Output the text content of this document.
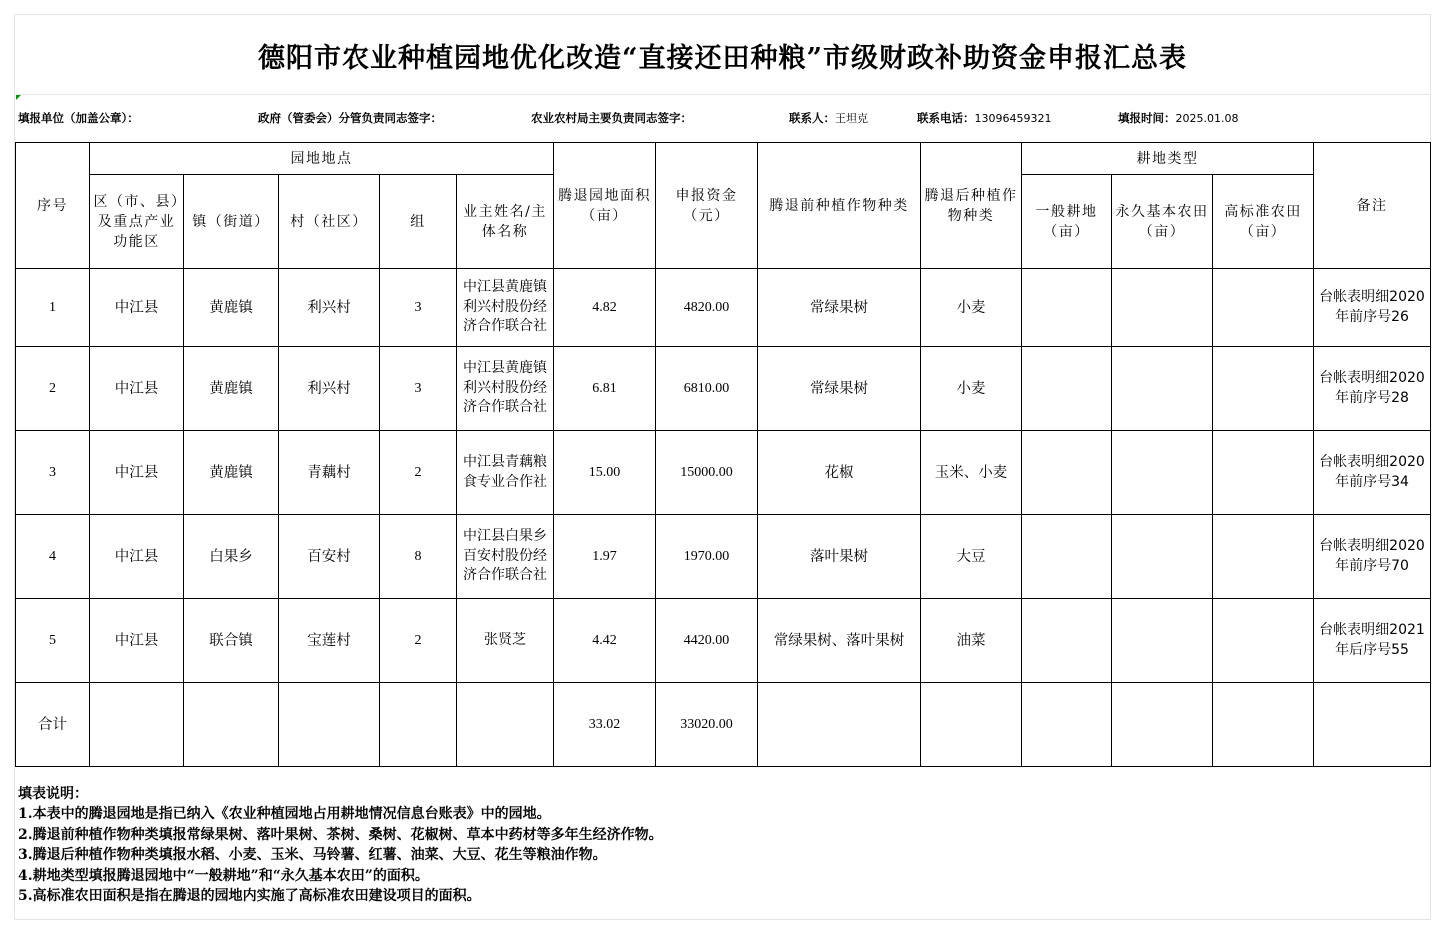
德阳市农业种植园地优化改造“直接还田种粮”市级财政补助资金申报汇总表
填报单位（加盖公章）：	政府（管委会）分管负责同志签字：	农业农村局主要负责同志签字：	联系人：王坦克	联系电话：13096459321	填报时间：2025.01.08
序号	园地地点					腾退园地面积（亩）	申报资金（元）	腾退前种植作物种类	腾退后种植作物种类	耕地类型			备注
	区（市、县）及重点产业功能区	镇（街道）	村（社区）	组	业主姓名/主体名称					一般耕地（亩）	永久基本农田（亩）	高标准农田（亩）	
1	中江县	黄鹿镇	利兴村	3	中江县黄鹿镇利兴村股份经济合作联合社	4.82	4820.00	常绿果树	小麦				台帐表明细2020年前序号26
2	中江县	黄鹿镇	利兴村	3	中江县黄鹿镇利兴村股份经济合作联合社	6.81	6810.00	常绿果树	小麦				台帐表明细2020年前序号28
3	中江县	黄鹿镇	青藕村	2	中江县青藕粮食专业合作社	15.00	15000.00	花椒	玉米、小麦				台帐表明细2020年前序号34
4	中江县	白果乡	百安村	8	中江县白果乡百安村股份经济合作联合社	1.97	1970.00	落叶果树	大豆				台帐表明细2020年前序号70
5	中江县	联合镇	宝莲村	2	张贤芝	4.42	4420.00	常绿果树、落叶果树	油菜				台帐表明细2021年后序号55
合计						33.02	33020.00						
填表说明：
1.本表中的腾退园地是指已纳入《农业种植园地占用耕地情况信息台账表》中的园地。
2.腾退前种植作物种类填报常绿果树、落叶果树、茶树、桑树、花椒树、草本中药材等多年生经济作物。
3.腾退后种植作物种类填报水稻、小麦、玉米、马铃薯、红薯、油菜、大豆、花生等粮油作物。
4.耕地类型填报腾退园地中“一般耕地”和“永久基本农田”的面积。
5.高标准农田面积是指在腾退的园地内实施了高标准农田建设项目的面积。
